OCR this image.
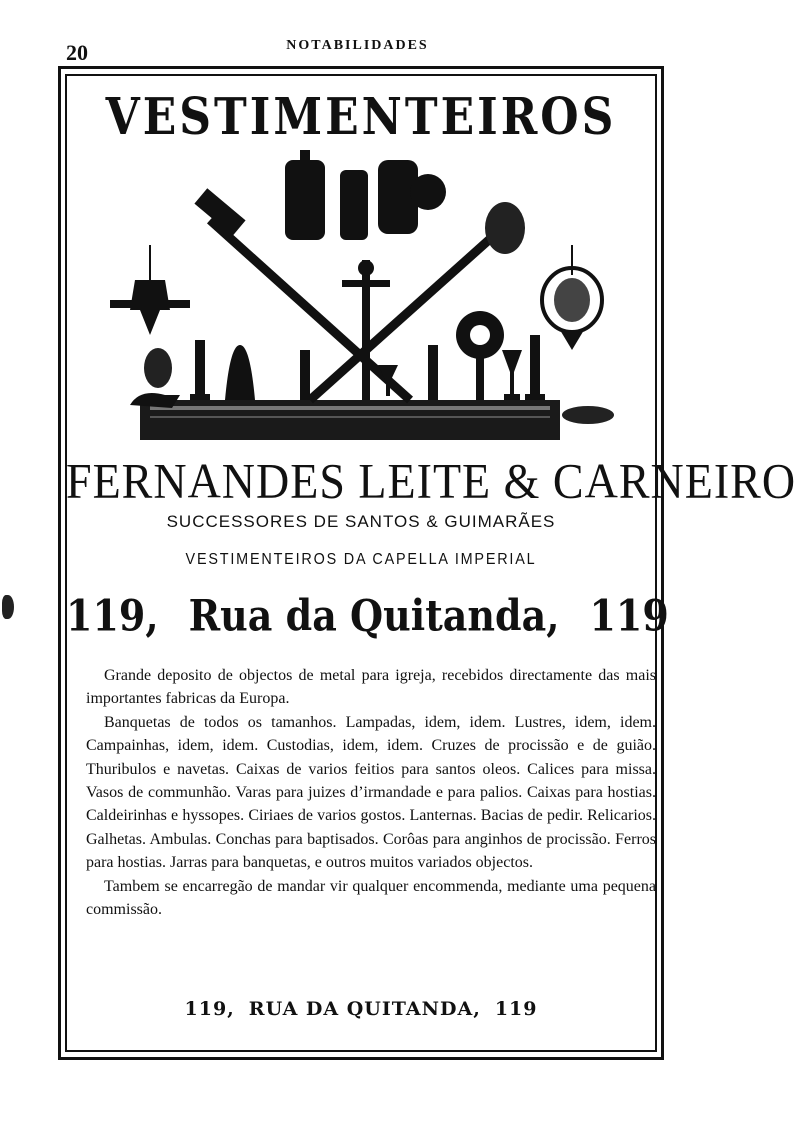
20	NOTABILIDADES
VESTIMENTEIROS
FERNANDES LEITE & CARNEIRO
SUCCESSORES DE SANTOS & GUIMARÃES
VESTIMENTEIROS DA CAPELLA IMPERIAL
119, Rua da Quitanda, 119

Grande deposito de objectos de metal para igreja, recebidos directamente das mais importantes fabricas da Europa.

Banquetas de todos os tamanhos. Lampadas, idem, idem. Lustres, idem, idem. Campainhas, idem, idem. Custodias, idem, idem. Cruzes de procissão e de guião. Thuribulos e navetas. Caixas de varios feitios para santos oleos. Calices para missa. Vasos de communhão. Varas para juizes d’irmandade e para palios. Caixas para hostias. Caldeirinhas e hyssopes. Ciriaes de varios gostos. Lanternas. Bacias de pedir. Relicarios. Galhetas. Ambulas. Conchas para baptisados. Corôas para anginhos de procissão. Ferros para hostias. Jarras para banquetas, e outros muitos variados objectos.

Tambem se encarregão de mandar vir qualquer encommenda, mediante uma pequena commissão.

119, RUA DA QUITANDA, 119
